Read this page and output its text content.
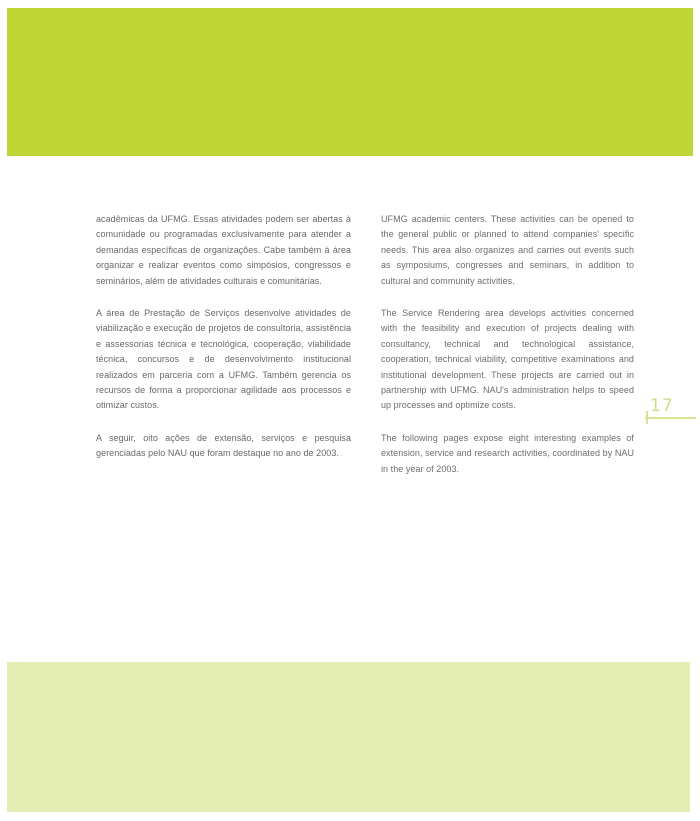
acadêmicas da UFMG. Essas atividades podem ser abertas à comunidade ou programadas exclusivamente para atender a demandas específicas de organizações. Cabe também à área organizar e realizar eventos como simpósios, congressos e seminários, além de atividades culturais e comunitárias.

A área de Prestação de Serviços desenvolve atividades de viabilização e execução de projetos de consultoria, assistência e assessorias técnica e tecnológica, cooperação, viabilidade técnica, concursos e de desenvolvimento institucional realizados em parceria com a UFMG. Também gerencia os recursos de forma a proporcionar agilidade aos processos e otimizar custos.

A seguir, oito ações de extensão, serviços e pesquisa gerenciadas pelo NAU que foram destaque no ano de 2003.

UFMG academic centers. These activities can be opened to the general public or planned to attend companies' specific needs. This area also organizes and carries out events such as symposiums, congresses and seminars, in addition to cultural and community activities.

The Service Rendering area develops activities concerned with the feasibility and execution of projects dealing with consultancy, technical and technological assistance, cooperation, technical viability, competitive examinations and institutional development. These projects are carried out in partnership with UFMG. NAU's administration helps to speed up processes and optimize costs.

The following pages expose eight interesting examples of extension, service and research activities, coordinated by NAU in the year of 2003.

17
